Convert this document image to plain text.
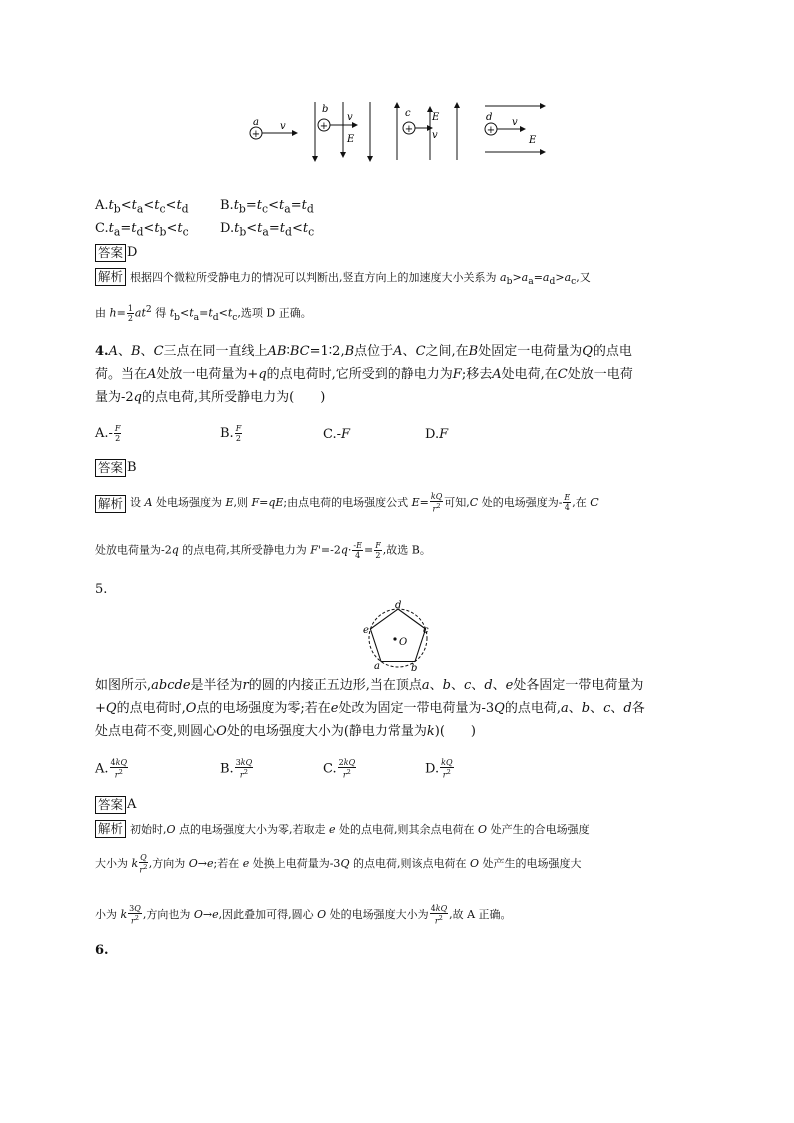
+
a v	+
b
v
E
+
c E
v	+
d v
E
$A.t_b<t_a<t_c<t_d$ $B.t_b=t_c<t_a=t_d$
$C.t_a=t_d<t_b<t_c$ $D.t_b<t_a=t_d<t_c$
答案 D
解析 根据四个微粒所受静电力的情况可以判断出,竖直方向上的加速度大小关系为 $a_b>a_a=a_d>a_c$,又
由 $h= \frac{1}{2} at^2$ 得 $t_b<t_a=t_d<t_c$,选项 D 正确。
4.A、B、C三点在同一直线上AB∶BC=1∶2,B点位于A、C之间,在B处固定一电荷量为Q的点电
荷。当在A处放一电荷量为+q的点电荷时,它所受到的静电力为F;移去A处电荷,在C处放一电荷
量为-2q的点电荷,其所受静电力为(　　)
$A.- \frac{F}{2}$	B. $\frac{F}{2}$	C.-F	D.F
答案 B
解析 设 A 处电场强度为 E,则 F=qE;由点电荷的电场强度公式 $E= \frac{kQ}{r^2}$ 可知,C 处的电场强度为- $\frac{E}{4}$ ,在 C
处放电荷量为-2q 的点电荷,其所受静电力为 $F'=-2q\cdot \frac{-E}{4} = \frac{F}{2}$ ,故选 B。
5.
d
c
b
a
e
O
如图所示,abcde是半径为r的圆的内接正五边形,当在顶点a、b、c、d、e处各固定一带电荷量为
+Q的点电荷时,O点的电场强度为零;若在e处改为固定一带电荷量为-3Q的点电荷,a、b、c、d各
处点电荷不变,则圆心O处的电场强度大小为(静电力常量为k)(　　)
A. $\frac{4kQ}{r^2}$	B. $\frac{3kQ}{r^2}$	C. $\frac{2kQ}{r^2}$	D. $\frac{kQ}{r^2}$
答案 A
解析 初始时,O 点的电场强度大小为零,若取走 e 处的点电荷,则其余点电荷在 O 处产生的合电场强度
大小为 k $\frac{Q}{r^2}$ ,方向为 O→e;若在 e 处换上电荷量为-3Q 的点电荷,则该点电荷在 O 处产生的电场强度大
小为 k $\frac{3Q}{r^2}$ ,方向也为 O→e,因此叠加可得,圆心 O 处的电场强度大小为 $\frac{4kQ}{r^2}$ ,故 A 正确。
6.
